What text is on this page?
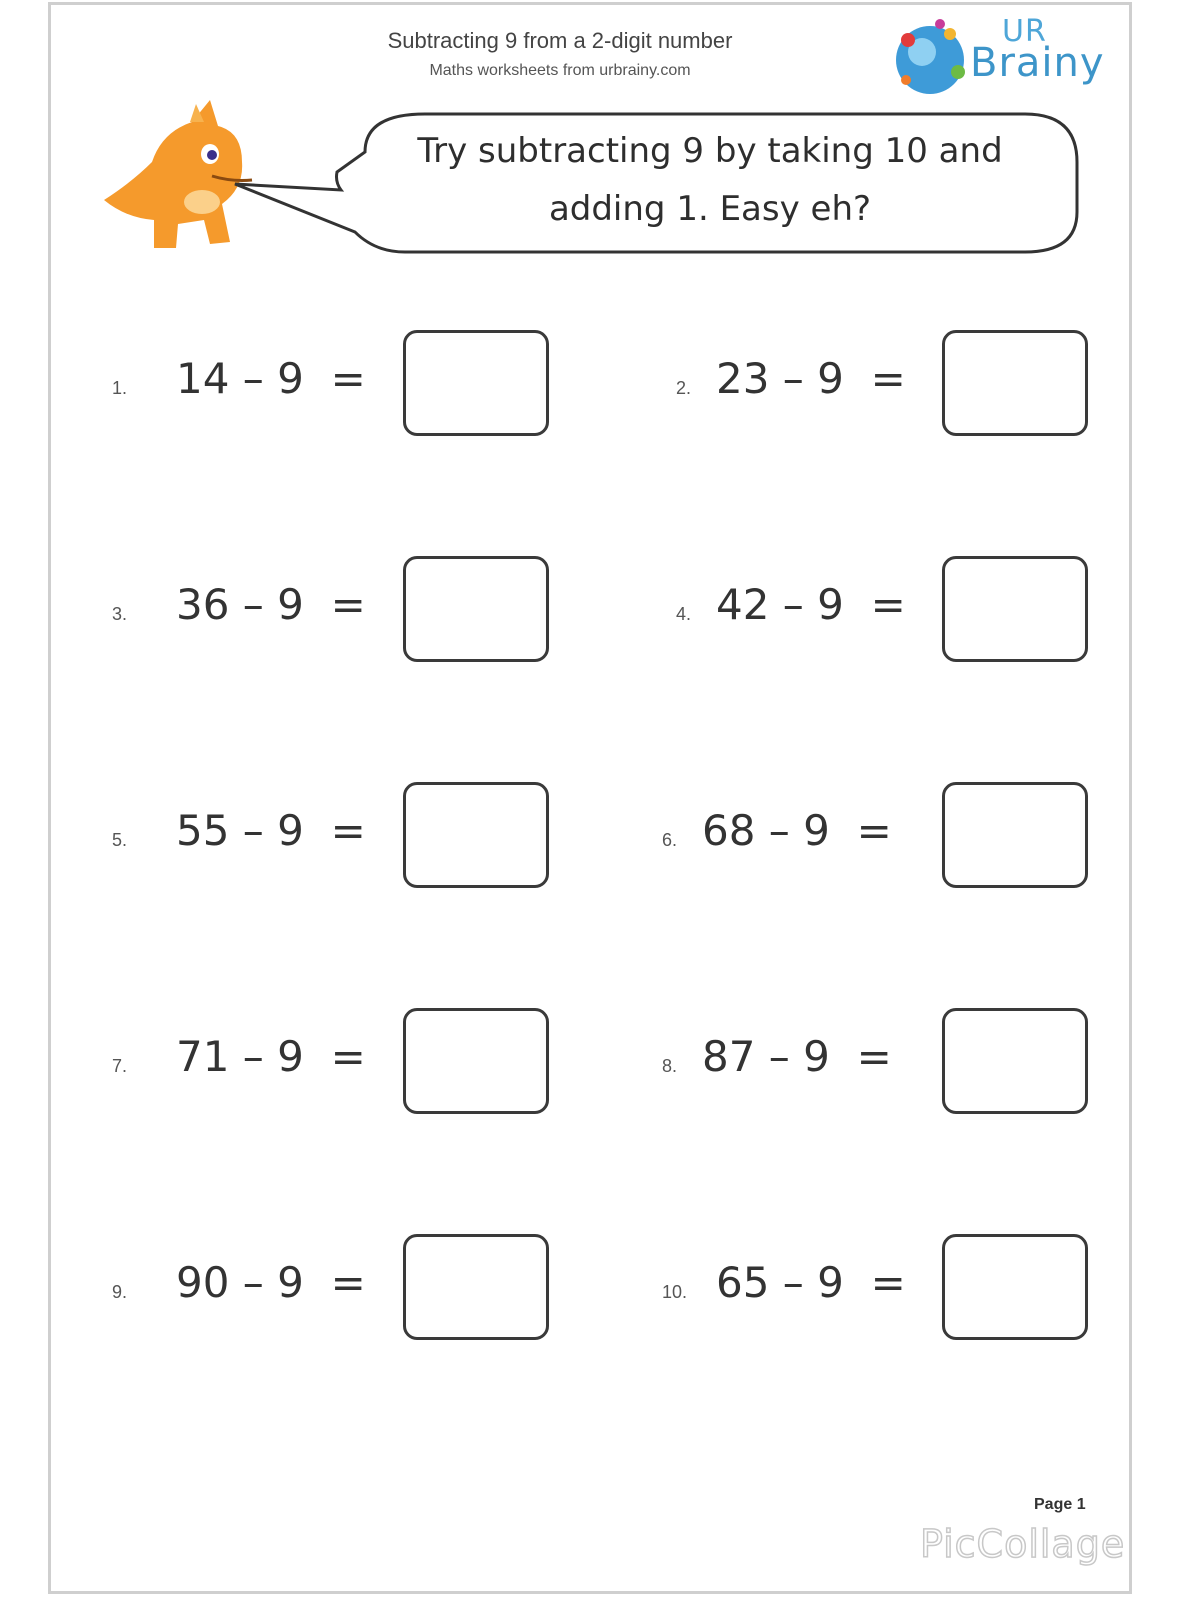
Subtracting 9 from a 2-digit number
Maths worksheets from urbrainy.com
UR
Brainy
Try subtracting 9 by taking 10 and
adding 1. Easy eh?
1. 14 – 9  =	2. 23 – 9  =
3. 36 – 9  =	4. 42 – 9  =
5. 55 – 9  =	6. 68 – 9  =
7. 71 – 9  =	8. 87 – 9  =
9. 90 – 9  =	10. 65 – 9  =
Page 1
PicCollage
